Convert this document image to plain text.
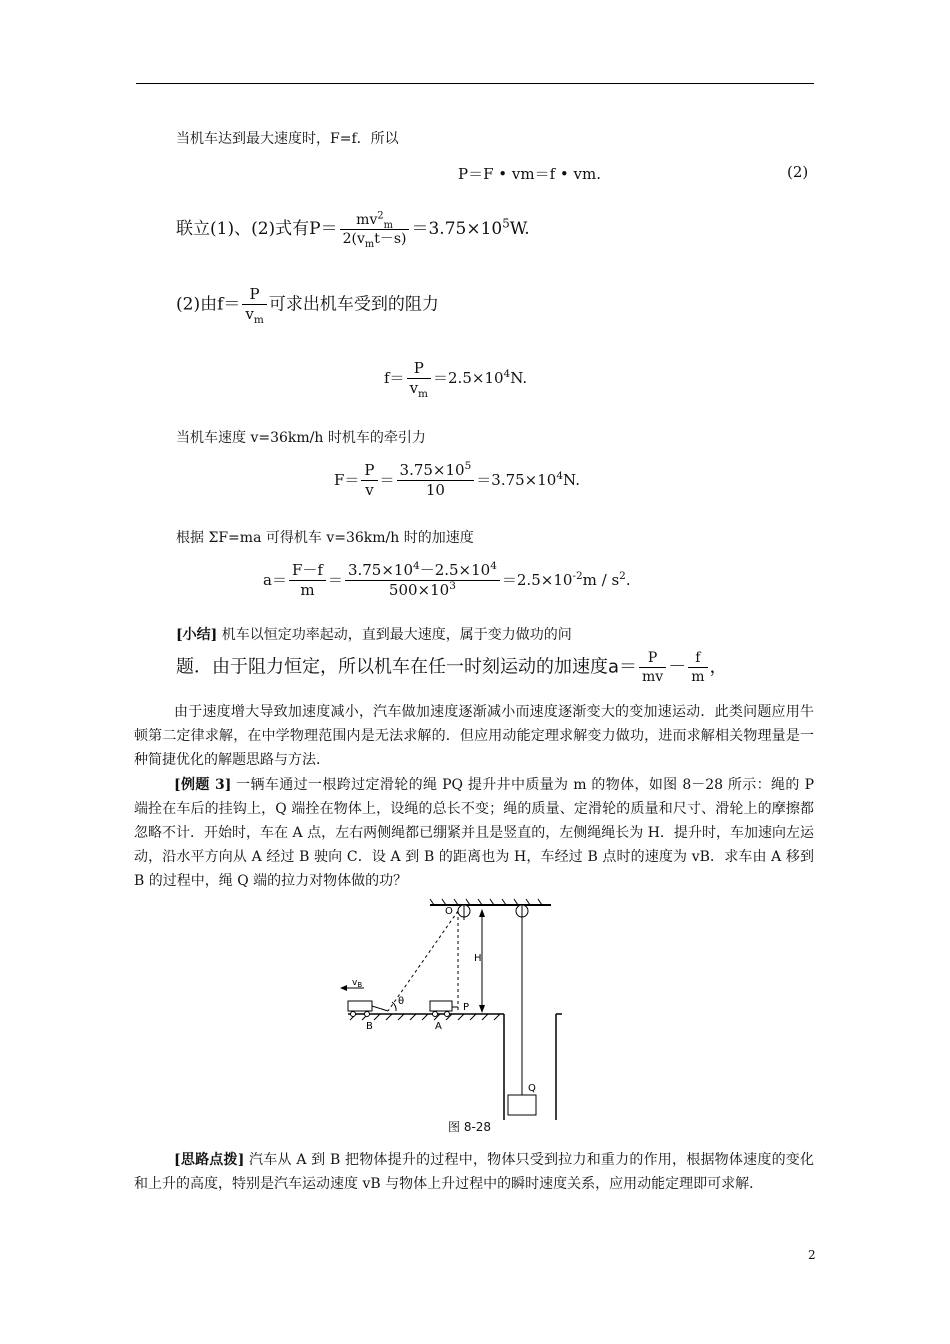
当机车达到最大速度时，F=f．所以
P＝F • vm＝f • vm.	(2)
联立(1)、(2)式有$P= \frac{mv^2_m}{2(v_mt-s)} =3.75\times 10^5W$.
(2)由$f= \frac{P}{v_m}$ 可求出机车受到的阻力
$f= \frac{P}{v_m} =2.5\times 10^4N$.
当机车速度 v=36km/h 时机车的牵引力
$F= \frac{P}{v} = \frac{3.75\times 10^5}{10} =3.75\times 10^4N$.
根据 ΣF=ma 可得机车 v=36km/h 时的加速度
$a= \frac{F-f}{m} = \frac{3.75\times 10^4-2.5\times 10^4}{500\times 10^3} =2.5\times 10^{-2}m / s^2$.
[小结] 机车以恒定功率起动，直到最大速度，属于变力做功的问
题．由于阻力恒定，所以机车在任一时刻运动的加速度$a= \frac{P}{mv} - \frac{f}{m}$ ，
由于速度增大导致加速度减小，汽车做加速度逐渐减小而速度逐渐变大的变加速运动．此类问题应用牛顿第二定律求解，在中学物理范围内是无法求解的．但应用动能定理求解变力做功，进而求解相关物理量是一种简捷优化的解题思路与方法．
[例题 3] 一辆车通过一根跨过定滑轮的绳 PQ 提升井中质量为 m 的物体，如图 8－28 所示：绳的 P 端拴在车后的挂钩上，Q 端拴在物体上，设绳的总长不变；绳的质量、定滑轮的质量和尺寸、滑轮上的摩擦都忽略不计．开始时，车在 A 点，左右两侧绳都已绷紧并且是竖直的，左侧绳绳长为 H．提升时，车加速向左运动，沿水平方向从 A 经过 B 驶向 C．设 A 到 B 的距离也为 H，车经过 B 点时的速度为 vB．求车由 A 移到 B 的过程中，绳 Q 端的拉力对物体做的功？
H
O
$v_B$
θ
B	A
P
Q
图 8-28
[思路点拨] 汽车从 A 到 B 把物体提升的过程中，物体只受到拉力和重力的作用，根据物体速度的变化和上升的高度，特别是汽车运动速度 vB 与物体上升过程中的瞬时速度关系，应用动能定理即可求解．
2
